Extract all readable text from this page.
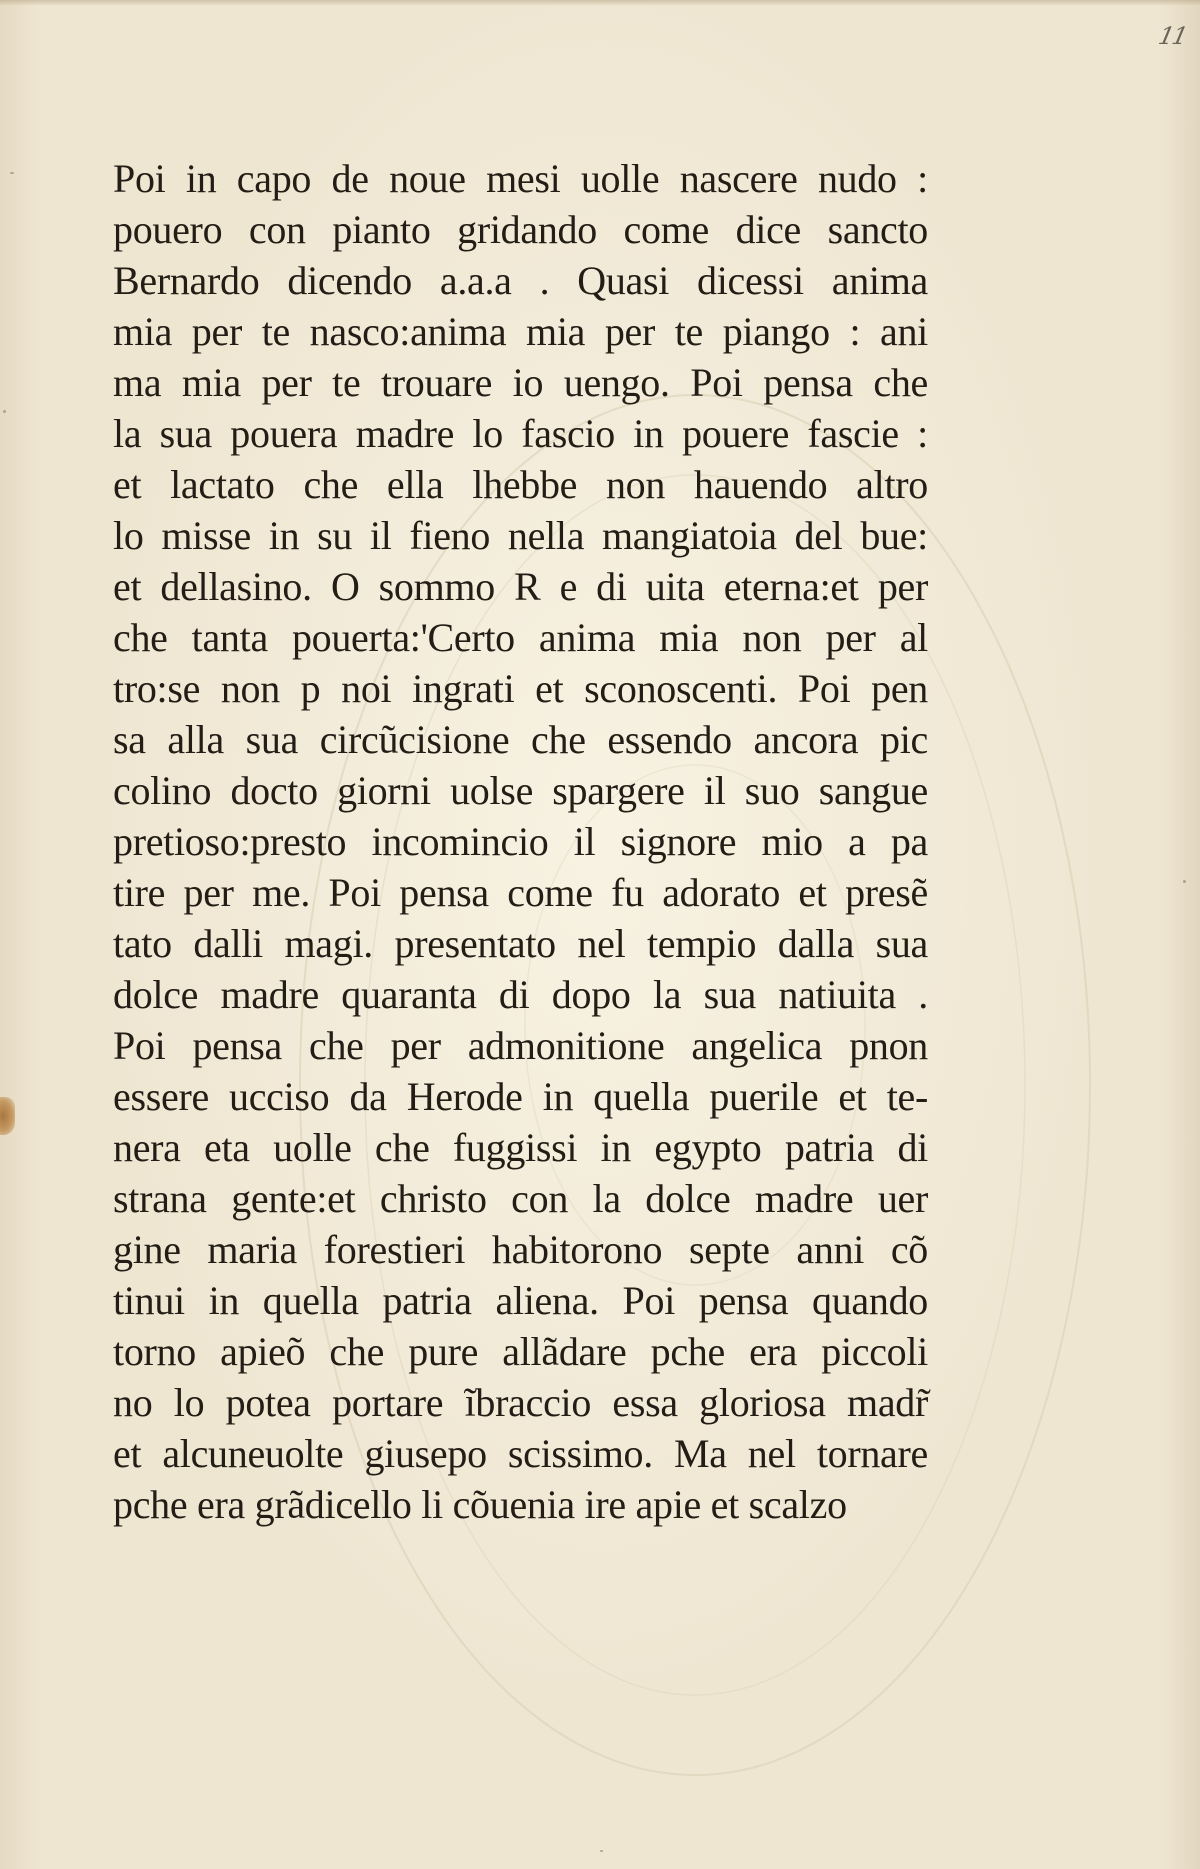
11
Poi in capo de noue mesi uolle nascere nudo :
pouero con pianto gridando come dice sancto
Bernardo dicendo a.a.a . Quasi dicessi anima
mia per te nasco:anima mia per te piango : ani
ma mia per te trouare io uengo. Poi pensa che
la sua pouera madre lo fascio in pouere fascie :
et lactato che ella lhebbe non hauendo altro
lo misse in su il fieno nella mangiatoia del bue:
et dellasino. O sommo R e di uita eterna:et per
che tanta pouerta:'Certo anima mia non per al
tro:se non p noi ingrati et sconoscenti. Poi pen
sa alla sua circũcisione che essendo ancora pic
colino docto giorni uolse spargere il suo sangue
pretioso:presto incomincio il signore mio a pa
tire per me. Poi pensa come fu adorato et presẽ
tato dalli magi. presentato nel tempio dalla sua
dolce madre quaranta di dopo la sua natiuita .
Poi pensa che per admonitione angelica pnon
essere ucciso da Herode in quella puerile et te-
nera eta uolle che fuggissi in egypto patria di
strana gente:et christo con la dolce madre uer
gine maria forestieri habitorono septe anni cõ
tinui in quella patria aliena. Poi pensa quando
torno apieõ che pure allãdare pche era piccoli
no lo potea portare ĩbraccio essa gloriosa madr̃
et alcuneuolte giusepo scissimo. Ma nel tornare
pche era grãdicello li cõuenia ire apie et scalzo
